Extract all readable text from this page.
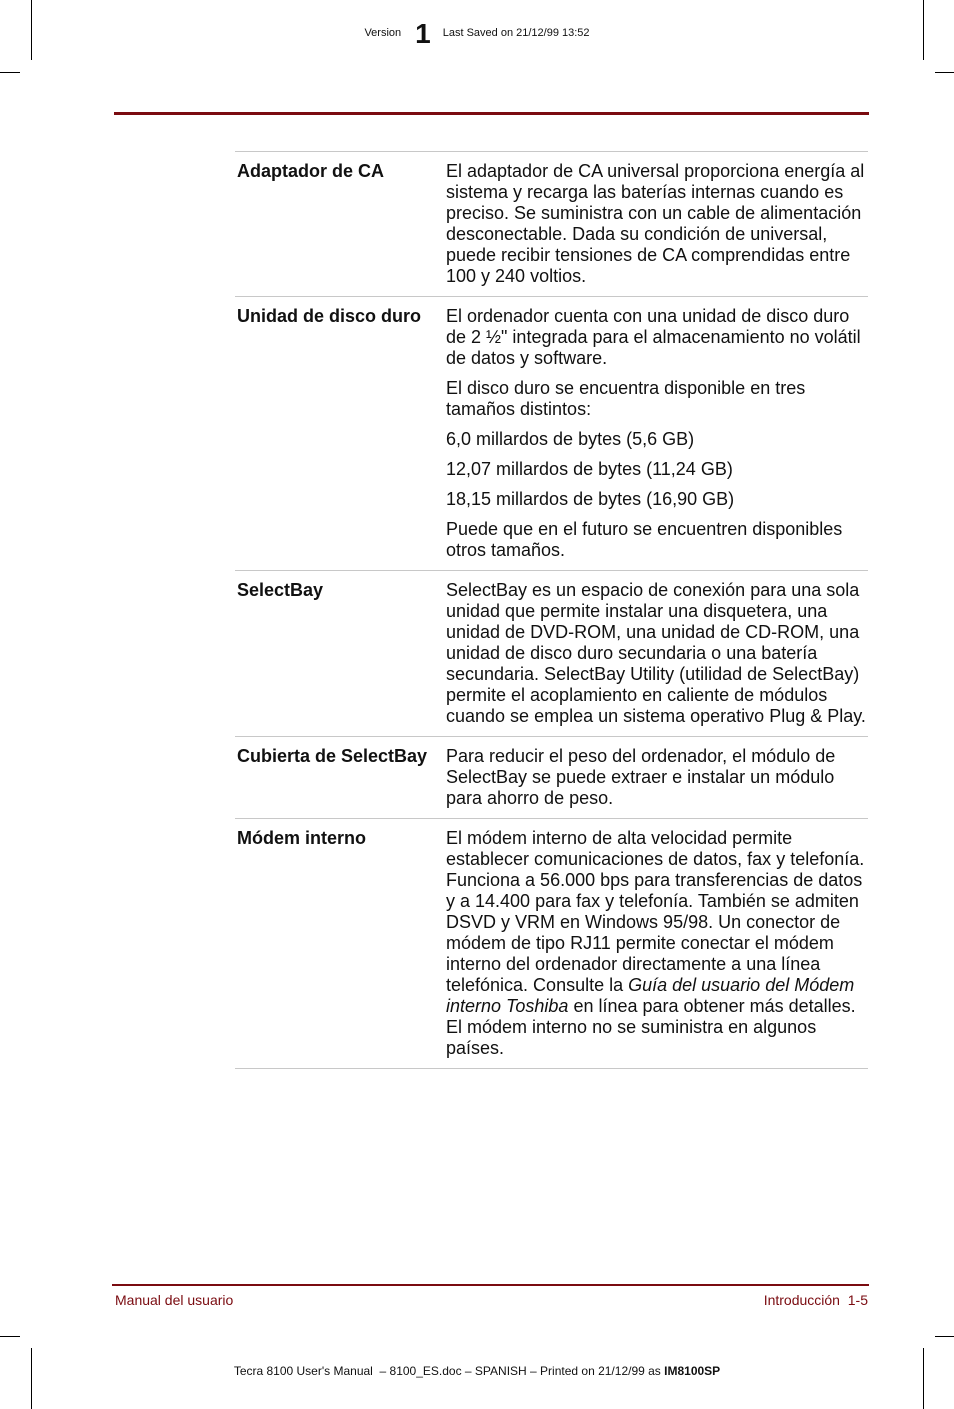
Version 1 Last Saved on 21/12/99 13:52
Adaptador de CA	El adaptador de CA universal proporciona energía al sistema y recarga las baterías internas cuando es preciso. Se suministra con un cable de alimentación desconectable. Dada su condición de universal, puede recibir tensiones de CA comprendidas entre 100 y 240 voltios.

Unidad de disco duro	El ordenador cuenta con una unidad de disco duro de 2 ½" integrada para el almacenamiento no volátil de datos y software.

El disco duro se encuentra disponible en tres tamaños distintos:

6,0 millardos de bytes (5,6 GB)

12,07 millardos de bytes (11,24 GB)

18,15 millardos de bytes (16,90 GB)

Puede que en el futuro se encuentren disponibles otros tamaños.

SelectBay	SelectBay es un espacio de conexión para una sola unidad que permite instalar una disquetera, una unidad de DVD-ROM, una unidad de CD-ROM, una unidad de disco duro secundaria o una batería secundaria. SelectBay Utility (utilidad de SelectBay) permite el acoplamiento en caliente de módulos cuando se emplea un sistema operativo Plug & Play.

Cubierta de SelectBay	Para reducir el peso del ordenador, el módulo de SelectBay se puede extraer e instalar un módulo para ahorro de peso.

Módem interno	El módem interno de alta velocidad permite establecer comunicaciones de datos, fax y telefonía. Funciona a 56.000 bps para transferencias de datos y a 14.400 para fax y telefonía. También se admiten DSVD y VRM en Windows 95/98. Un conector de módem de tipo RJ11 permite conectar el módem interno del ordenador directamente a una línea telefónica. Consulte la Guía del usuario del Módem interno Toshiba en línea para obtener más detalles. El módem interno no se suministra en algunos países.

Manual del usuario	Introducción  1-5
Tecra 8100 User's Manual  – 8100_ES.doc – SPANISH – Printed on 21/12/99 as IM8100SP
